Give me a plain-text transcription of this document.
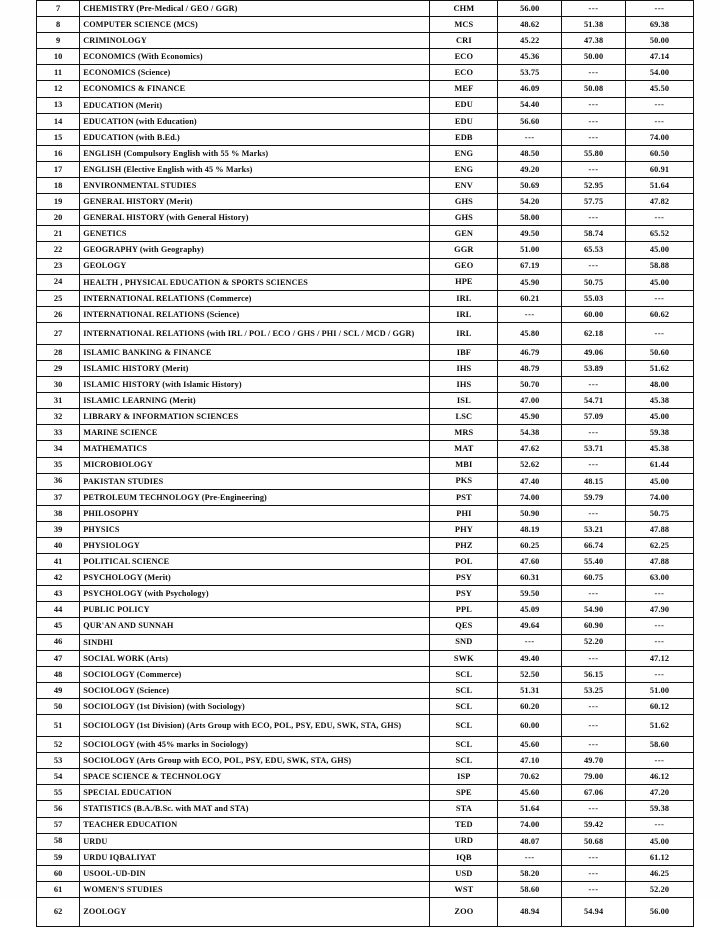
7	CHEMISTRY (Pre-Medical / GEO / GGR)	CHM	56.00	---	---
8	COMPUTER SCIENCE (MCS)	MCS	48.62	51.38	69.38
9	CRIMINOLOGY	CRI	45.22	47.38	50.00
10	ECONOMICS (With Economics)	ECO	45.36	50.00	47.14
11	ECONOMICS (Science)	ECO	53.75	---	54.00
12	ECONOMICS & FINANCE	MEF	46.09	50.08	45.50
13	EDUCATION (Merit)	EDU	54.40	---	---
14	EDUCATION (with Education)	EDU	56.60	---	---
15	EDUCATION (with B.Ed.)	EDB	---	---	74.00
16	ENGLISH (Compulsory English with 55 % Marks)	ENG	48.50	55.80	60.50
17	ENGLISH (Elective English with 45 % Marks)	ENG	49.20	---	60.91
18	ENVIRONMENTAL STUDIES	ENV	50.69	52.95	51.64
19	GENERAL HISTORY (Merit)	GHS	54.20	57.75	47.82
20	GENERAL HISTORY (with General History)	GHS	58.00	---	---
21	GENETICS	GEN	49.50	58.74	65.52
22	GEOGRAPHY (with Geography)	GGR	51.00	65.53	45.00
23	GEOLOGY	GEO	67.19	---	58.88
24	HEALTH , PHYSICAL EDUCATION & SPORTS SCIENCES	HPE	45.90	50.75	45.00
25	INTERNATIONAL RELATIONS (Commerce)	IRL	60.21	55.03	---
26	INTERNATIONAL RELATIONS (Science)	IRL	---	60.00	60.62
27	INTERNATIONAL RELATIONS (with IRL / POL / ECO / GHS / PHI / SCL / MCD / GGR)	IRL	45.80	62.18	---
28	ISLAMIC BANKING & FINANCE	IBF	46.79	49.06	50.60
29	ISLAMIC HISTORY (Merit)	IHS	48.79	53.89	51.62
30	ISLAMIC HISTORY (with Islamic History)	IHS	50.70	---	48.00
31	ISLAMIC LEARNING (Merit)	ISL	47.00	54.71	45.38
32	LIBRARY & INFORMATION SCIENCES	LSC	45.90	57.09	45.00
33	MARINE SCIENCE	MRS	54.38	---	59.38
34	MATHEMATICS	MAT	47.62	53.71	45.38
35	MICROBIOLOGY	MBI	52.62	---	61.44
36	PAKISTAN STUDIES	PKS	47.40	48.15	45.00
37	PETROLEUM TECHNOLOGY (Pre-Engineering)	PST	74.00	59.79	74.00
38	PHILOSOPHY	PHI	50.90	---	50.75
39	PHYSICS	PHY	48.19	53.21	47.88
40	PHYSIOLOGY	PHZ	60.25	66.74	62.25
41	POLITICAL SCIENCE	POL	47.60	55.40	47.88
42	PSYCHOLOGY (Merit)	PSY	60.31	60.75	63.00
43	PSYCHOLOGY (with Psychology)	PSY	59.50	---	---
44	PUBLIC POLICY	PPL	45.09	54.90	47.90
45	QUR'AN AND SUNNAH	QES	49.64	60.90	---
46	SINDHI	SND	---	52.20	---
47	SOCIAL WORK (Arts)	SWK	49.40	---	47.12
48	SOCIOLOGY (Commerce)	SCL	52.50	56.15	---
49	SOCIOLOGY (Science)	SCL	51.31	53.25	51.00
50	SOCIOLOGY (1st Division) (with Sociology)	SCL	60.20	---	60.12
51	SOCIOLOGY (1st Division) (Arts Group with ECO, POL, PSY, EDU, SWK, STA, GHS)	SCL	60.00	---	51.62
52	SOCIOLOGY (with 45% marks in Sociology)	SCL	45.60	---	58.60
53	SOCIOLOGY (Arts Group with ECO, POL, PSY, EDU, SWK, STA, GHS)	SCL	47.10	49.70	---
54	SPACE SCIENCE & TECHNOLOGY	ISP	70.62	79.00	46.12
55	SPECIAL EDUCATION	SPE	45.60	67.06	47.20
56	STATISTICS (B.A./B.Sc. with MAT and STA)	STA	51.64	---	59.38
57	TEACHER EDUCATION	TED	74.00	59.42	---
58	URDU	URD	48.07	50.68	45.00
59	URDU IQBALIYAT	IQB	---	---	61.12
60	USOOL-UD-DIN	USD	58.20	---	46.25
61	WOMEN'S STUDIES	WST	58.60	---	52.20
62	ZOOLOGY	ZOO	48.94	54.94	56.00
